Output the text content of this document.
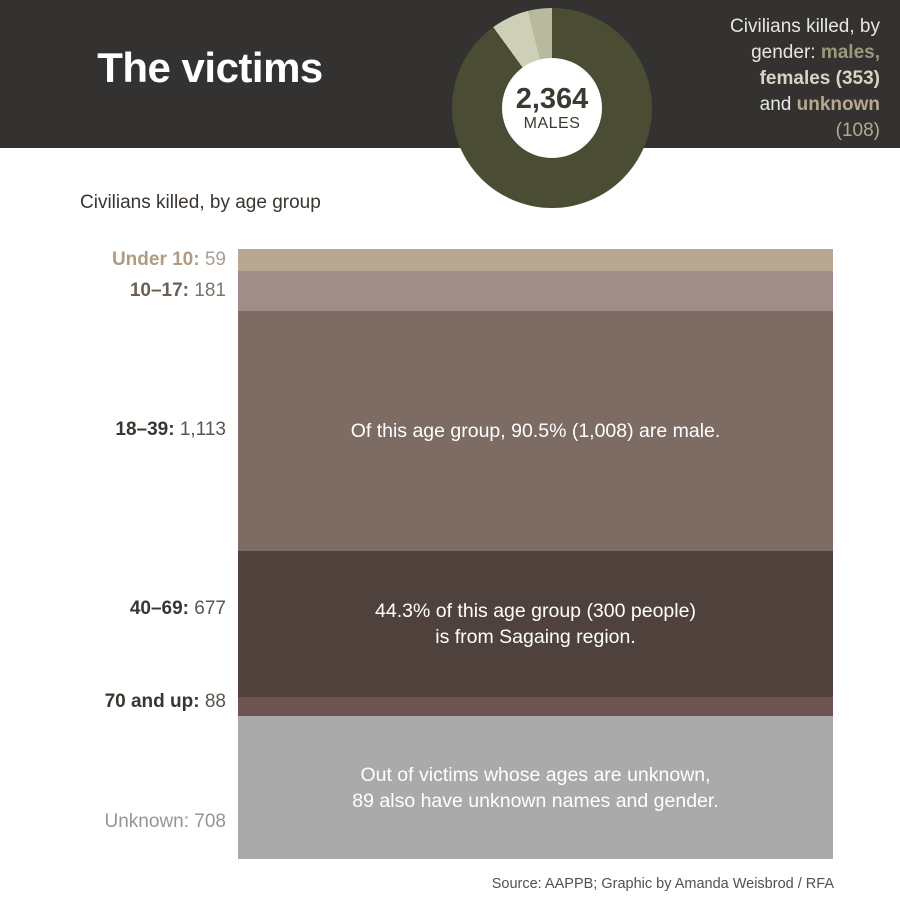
The victims
Civilians killed, by
gender: males,
females (353)
and unknown
(108)
2,364
MALES
Civilians killed, by age group
Of this age group, 90.5% (1,008) are male.
44.3% of this age group (300 people)
is from Sagaing region.
Out of victims whose ages are unknown,
89 also have unknown names and gender.
Under 10: 59
10–17: 181
18–39: 1,113
40–69: 677
70 and up: 88
Unknown: 708
Source: AAPPB; Graphic by Amanda Weisbrod / RFA
